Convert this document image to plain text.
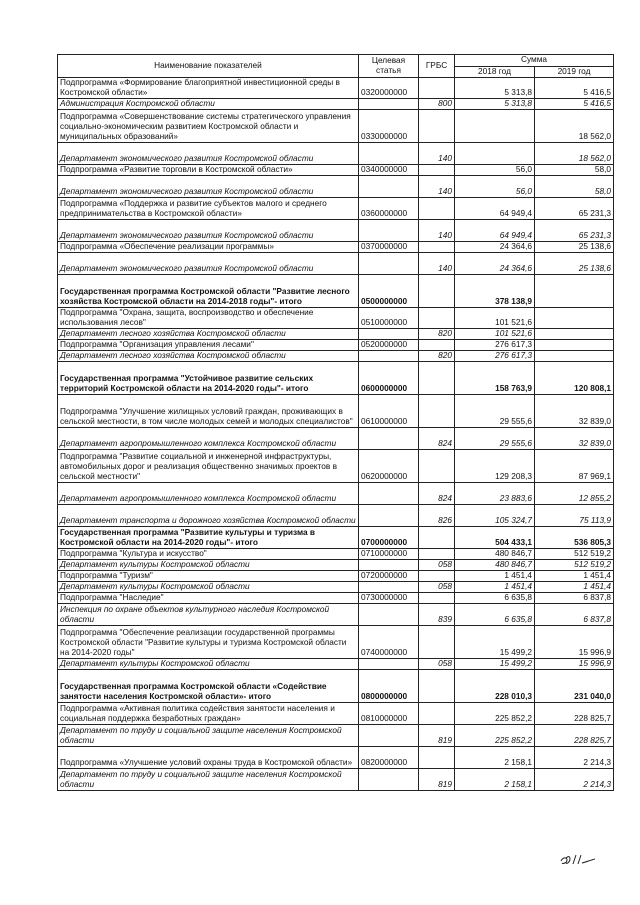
Наименование показателей	Целевая статья	ГРБС	Сумма	
			2018 год	2019 год
Подпрограмма «Формирование благоприятной инвестиционной среды в Костромской области»	0320000000		5 313,8	5 416,5
Администрация Костромской области		800	5 313,8	5 416,5
Подпрограмма «Совершенствование системы стратегического управления социально-экономическим развитием Костромской области и муниципальных образований»	0330000000			18 562,0
Департамент экономического развития Костромской области		140		18 562,0
Подпрограмма «Развитие торговли в Костромской области»	0340000000		56,0	58,0
Департамент экономического развития Костромской области		140	56,0	58,0
Подпрограмма «Поддержка и развитие субъектов малого и среднего предпринимательства в Костромской области»	0360000000		64 949,4	65 231,3
Департамент экономического развития Костромской области		140	64 949,4	65 231,3
Подпрограмма «Обеспечение реализации программы»	0370000000		24 364,6	25 138,6
Департамент экономического развития Костромской области		140	24 364,6	25 138,6
Государственная программа Костромской области "Развитие лесного хозяйства Костромской области на 2014-2018 годы"- итого	0500000000		378 138,9	
Подпрограмма "Охрана, защита, воспроизводство и обеспечение использования лесов"	0510000000		101 521,6	
Департамент лесного хозяйства Костромской области		820	101 521,6	
Подпрограмма "Организация управления лесами"	0520000000		276 617,3	
Департамент лесного хозяйства Костромской области		820	276 617,3	
Государственная программа "Устойчивое развитие сельских территорий Костромской области на 2014-2020 годы"- итого	0600000000		158 763,9	120 808,1
Подпрограмма "Улучшение жилищных условий граждан, проживающих в сельской местности, в том числе молодых семей и молодых специалистов"	0610000000		29 555,6	32 839,0
Департамент агропромышленного комплекса Костромской области		824	29 555,6	32 839,0
Подпрограмма "Развитие социальной и инженерной инфраструктуры, автомобильных дорог и реализация общественно значимых проектов в сельской местности"	0620000000		129 208,3	87 969,1
Департамент агропромышленного комплекса Костромской области		824	23 883,6	12 855,2
Департамент транспорта и дорожного хозяйства Костромской области		826	105 324,7	75 113,9
Государственная программа "Развитие культуры и туризма в Костромской области на 2014-2020 годы"- итого	0700000000		504 433,1	536 805,3
Подпрограмма "Культура и искусство"	0710000000		480 846,7	512 519,2
Департамент культуры Костромской области		058	480 846,7	512 519,2
Подпрограмма "Туризм"	0720000000		1 451,4	1 451,4
Департамент культуры Костромской области		058	1 451,4	1 451,4
Подпрограмма "Наследие"	0730000000		6 635,8	6 837,8
Инспекция по охране объектов культурного наследия Костромской области		839	6 635,8	6 837,8
Подпрограмма "Обеспечение реализации государственной программы Костромской области "Развитие культуры и туризма Костромской области на 2014-2020 годы"	0740000000		15 499,2	15 996,9
Департамент культуры Костромской области		058	15 499,2	15 996,9
Государственная программа Костромской области «Содействие занятости населения Костромской области»- итого	0800000000		228 010,3	231 040,0
Подпрограмма «Активная политика содействия занятости населения и социальная поддержка безработных граждан»	0810000000		225 852,2	228 825,7
Департамент по труду и социальной защите населения Костромской области		819	225 852,2	228 825,7
Подпрограмма «Улучшение условий охраны труда в Костромской области»	0820000000		2 158,1	2 214,3
Департамент по труду и социальной защите населения Костромской области		819	2 158,1	2 214,3
